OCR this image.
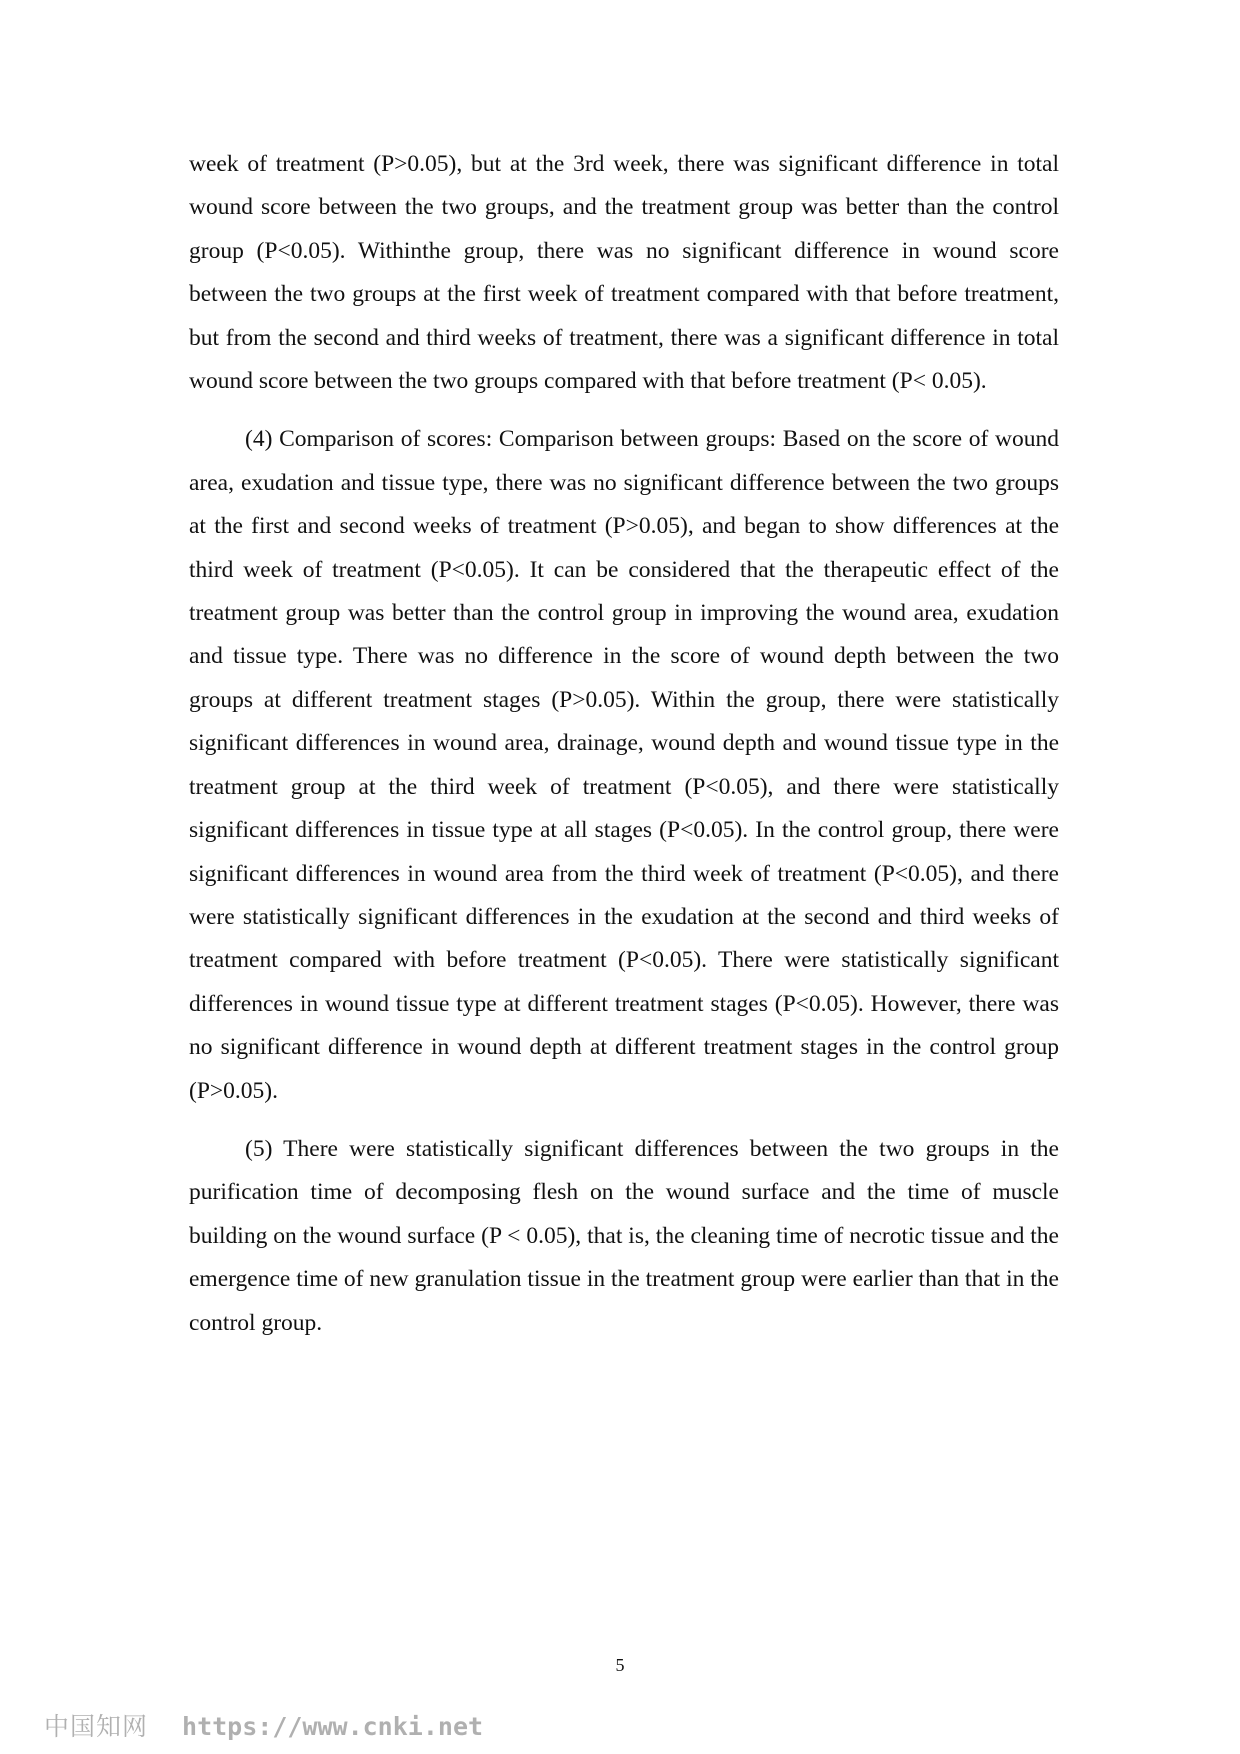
week of treatment (P>0.05), but at the 3rd week, there was significant difference in total wound score between the two groups, and the treatment group was better than the control group (P<0.05). Withinthe group, there was no significant difference in wound score between the two groups at the first week of treatment compared with that before treatment, but from the second and third weeks of treatment, there was a significant difference in total wound score between the two groups compared with that before treatment (P< 0.05).

(4) Comparison of scores: Comparison between groups: Based on the score of wound area, exudation and tissue type, there was no significant difference between the two groups at the first and second weeks of treatment (P>0.05), and began to show differences at the third week of treatment (P<0.05). It can be considered that the therapeutic effect of the treatment group was better than the control group in improving the wound area, exudation and tissue type. There was no difference in the score of wound depth between the two groups at different treatment stages (P>0.05). Within the group, there were statistically significant differences in wound area, drainage, wound depth and wound tissue type in the treatment group at the third week of treatment (P<0.05), and there were statistically significant differences in tissue type at all stages (P<0.05). In the control group, there were significant differences in wound area from the third week of treatment (P<0.05), and there were statistically significant differences in the exudation at the second and third weeks of treatment compared with before treatment (P<0.05). There were statistically significant differences in wound tissue type at different treatment stages (P<0.05). However, there was no significant difference in wound depth at different treatment stages in the control group (P>0.05).

(5) There were statistically significant differences between the two groups in the purification time of decomposing flesh on the wound surface and the time of muscle building on the wound surface (P < 0.05), that is, the cleaning time of necrotic tissue and the emergence time of new granulation tissue in the treatment group were earlier than that in the control group.

5
中国知网 https://www.cnki.net
